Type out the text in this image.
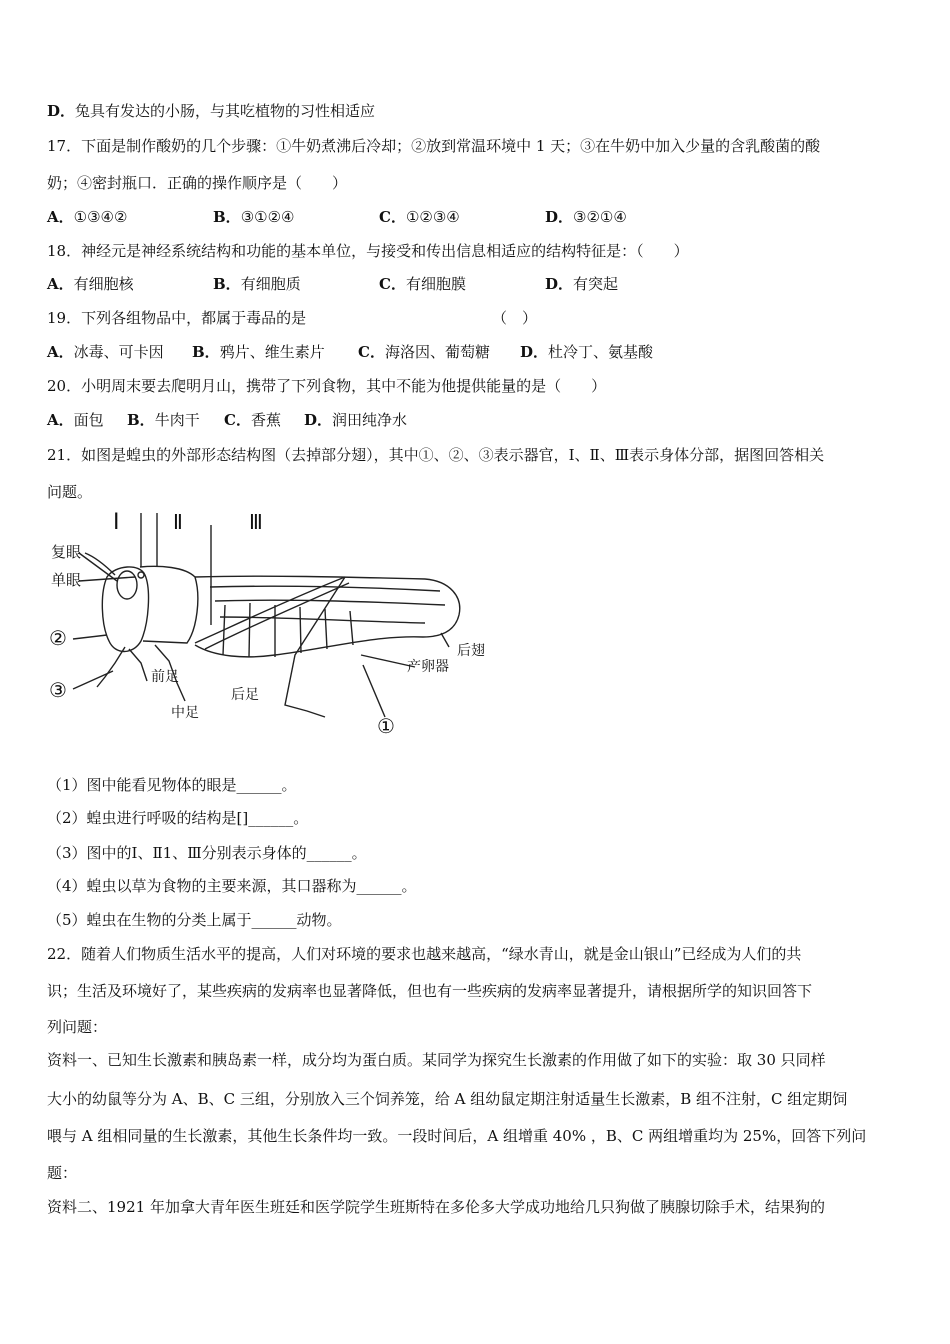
D．兔具有发达的小肠，与其吃植物的习性相适应
17．下面是制作酸奶的几个步骤：①牛奶煮沸后冷却；②放到常温环境中 1 天；③在牛奶中加入少量的含乳酸菌的酸
奶；④密封瓶口．正确的操作顺序是（　　）
A．①③④②	B．③①②④	C．①②③④	D．③②①④
18．神经元是神经系统结构和功能的基本单位，与接受和传出信息相适应的结构特征是：（　　）
A．有细胞核	B．有细胞质	C．有细胞膜	D．有突起
19．下列各组物品中，都属于毒品的是	（　）
A．冰毒、可卡因 B．鸦片、维生素片 C．海洛因、葡萄糖 D．杜冷丁、氨基酸
20．小明周末要去爬明月山，携带了下列食物，其中不能为他提供能量的是（　　）
A．面包 B．牛肉干 C．香蕉 D．润田纯净水
21．如图是蝗虫的外部形态结构图（去掉部分翅），其中①、②、③表示器官，Ⅰ、Ⅱ、Ⅲ表示身体分部，据图回答相关
问题。
Ⅰ	Ⅱ	Ⅲ
复眼
单眼
②
③
前足
中足
后足
产卵器
后翅
①
（1）图中能看见物体的眼是______。
（2）蝗虫进行呼吸的结构是[]______。
（3）图中的Ⅰ、Ⅱ1、Ⅲ分别表示身体的______。
（4）蝗虫以草为食物的主要来源，其口器称为______。
（5）蝗虫在生物的分类上属于______动物。
22．随着人们物质生活水平的提高，人们对环境的要求也越来越高，“绿水青山，就是金山银山”已经成为人们的共
识；生活及环境好了，某些疾病的发病率也显著降低，但也有一些疾病的发病率显著提升，请根据所学的知识回答下
列问题：
资料一、已知生长激素和胰岛素一样，成分均为蛋白质。某同学为探究生长激素的作用做了如下的实验：取 30 只同样
大小的幼鼠等分为 A、B、C 三组，分别放入三个饲养笼，给 A 组幼鼠定期注射适量生长激素，B 组不注射，C 组定期饲
喂与 A 组相同量的生长激素，其他生长条件均一致。一段时间后，A 组增重 40% ，B、C 两组增重均为 25%，回答下列问
题：
资料二、1921 年加拿大青年医生班廷和医学院学生班斯特在多伦多大学成功地给几只狗做了胰腺切除手术，结果狗的
